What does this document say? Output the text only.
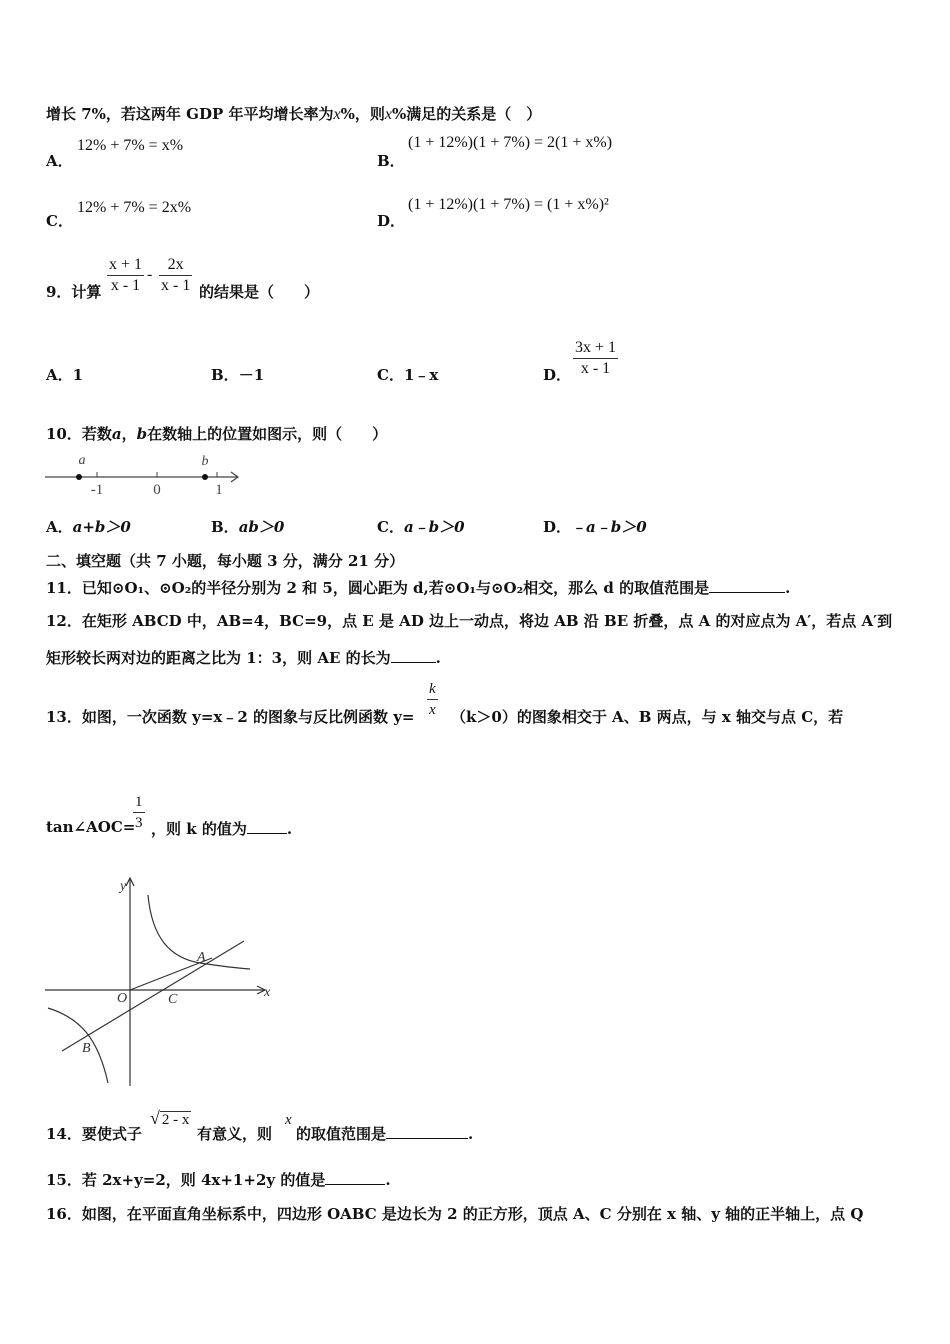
增长 7%，若这两年 GDP 年平均增长率为x%，则x%满足的关系是（　）
A．
12% + 7% = x%
B．
(1 + 12%)(1 + 7%) = 2(1 + x%)
C．
12% + 7% = 2x%
D．
(1 + 12%)(1 + 7%) = (1 + x%)²
9．计算 $\frac{x + 1}{x - 1} - \frac{2x}{x - 1}$ 的结果是（　　）
A．1	B．－1	C．1﹣x	D． $\frac{3x + 1}{x - 1}$
10．若数a，b在数轴上的位置如图示，则（　　）
a	b
-1	0	1
A．a+b＞0	B．ab＞0	C．a﹣b＞0	D．﹣a﹣b＞0
二、填空题（共 7 小题，每小题 3 分，满分 21 分）
11．已知⊙O₁、⊙O₂的半径分别为 2 和 5，圆心距为 d,若⊙O₁与⊙O₂相交，那么 d 的取值范围是	.
12．在矩形 ABCD 中，AB=4，BC=9，点 E 是 AD 边上一动点，将边 AB 沿 BE 折叠，点 A 的对应点为 A′，若点 A′到
矩形较长两对边的距离之比为 1：3，则 AE 的长为	.
13．如图，一次函数 y=x﹣2 的图象与反比例函数 $y= \frac{k}{x} (k>0)$的图象相交于 A、B 两点，与 x 轴交与点 C，若
tan∠AOC=
$\frac{1}{3}$ ，则 k 的值为	.
y
x
O
A
C
B
14．要使式子
√ 2 - x
有意义，则
x
的取值范围是	.
15．若 2x+y=2，则 4x+1+2y 的值是	.
16．如图，在平面直角坐标系中，四边形 OABC 是边长为 2 的正方形，顶点 A、C 分别在 x 轴、y 轴的正半轴上，点 Q
